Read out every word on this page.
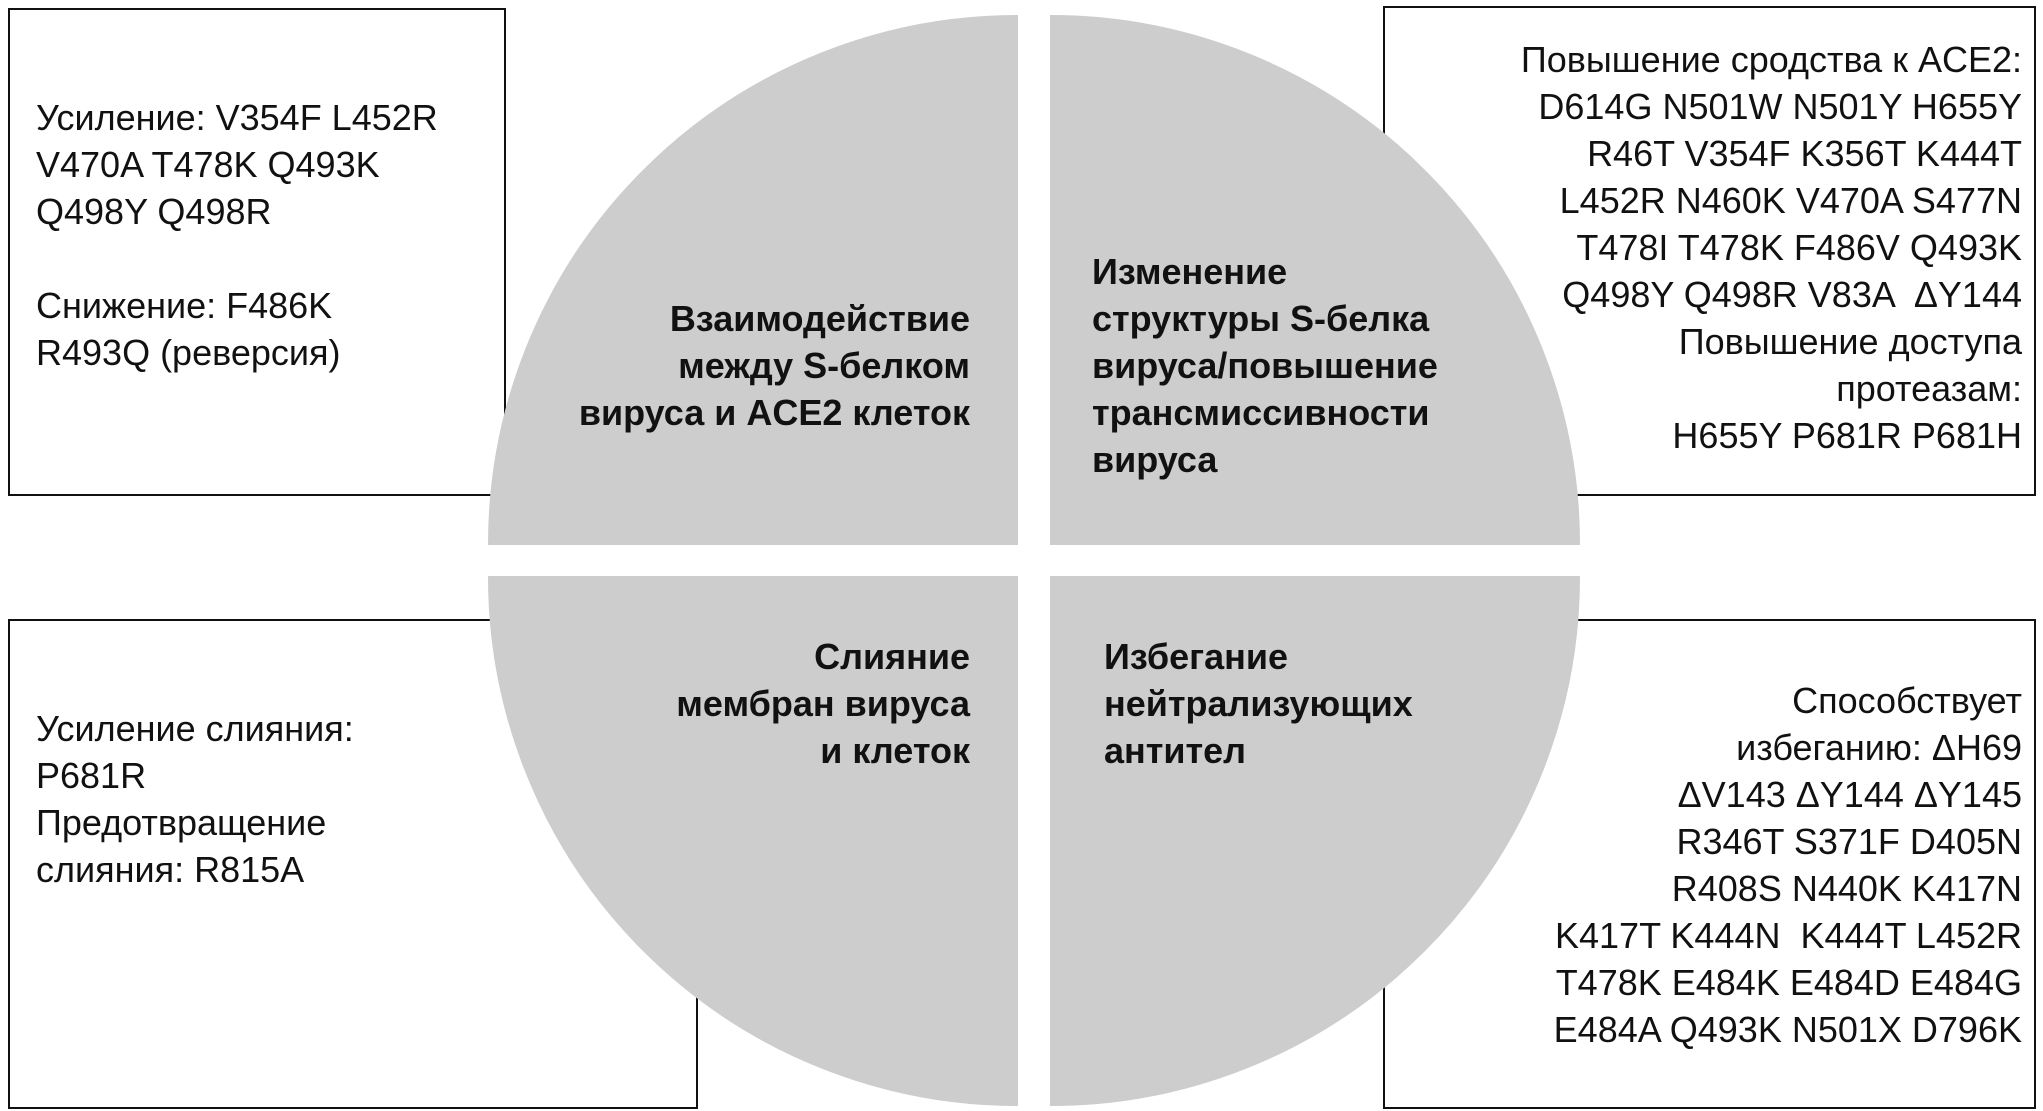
Усиление: V354F L452R
V470A T478K Q493K
Q498Y Q498R

Снижение: F486K
R493Q (реверсия)

Повышение сродства к ACE2:
D614G N501W N501Y H655Y
R46T V354F K356T K444T
L452R N460K V470A S477N
T478I T478K F486V Q493K
Q498Y Q498R V83A  ΔY144
Повышение доступа
протеазам:
H655Y P681R P681H

Усиление слияния:
P681R
Предотвращение
слияния: R815A

Способствует
избеганию: ΔH69
ΔV143 ΔY144 ΔY145
R346T S371F D405N
R408S N440K K417N
K417T K444N  K444T L452R
T478K E484K E484D E484G
E484A Q493K N501X D796K

Взаимодействие
между S-белком
вируса и ACE2 клеток

Изменение
структуры S-белка
вируса/повышение
трансмиссивности
вируса

Слияние
мембран вируса
и клеток

Избегание
нейтрализующих
антител
